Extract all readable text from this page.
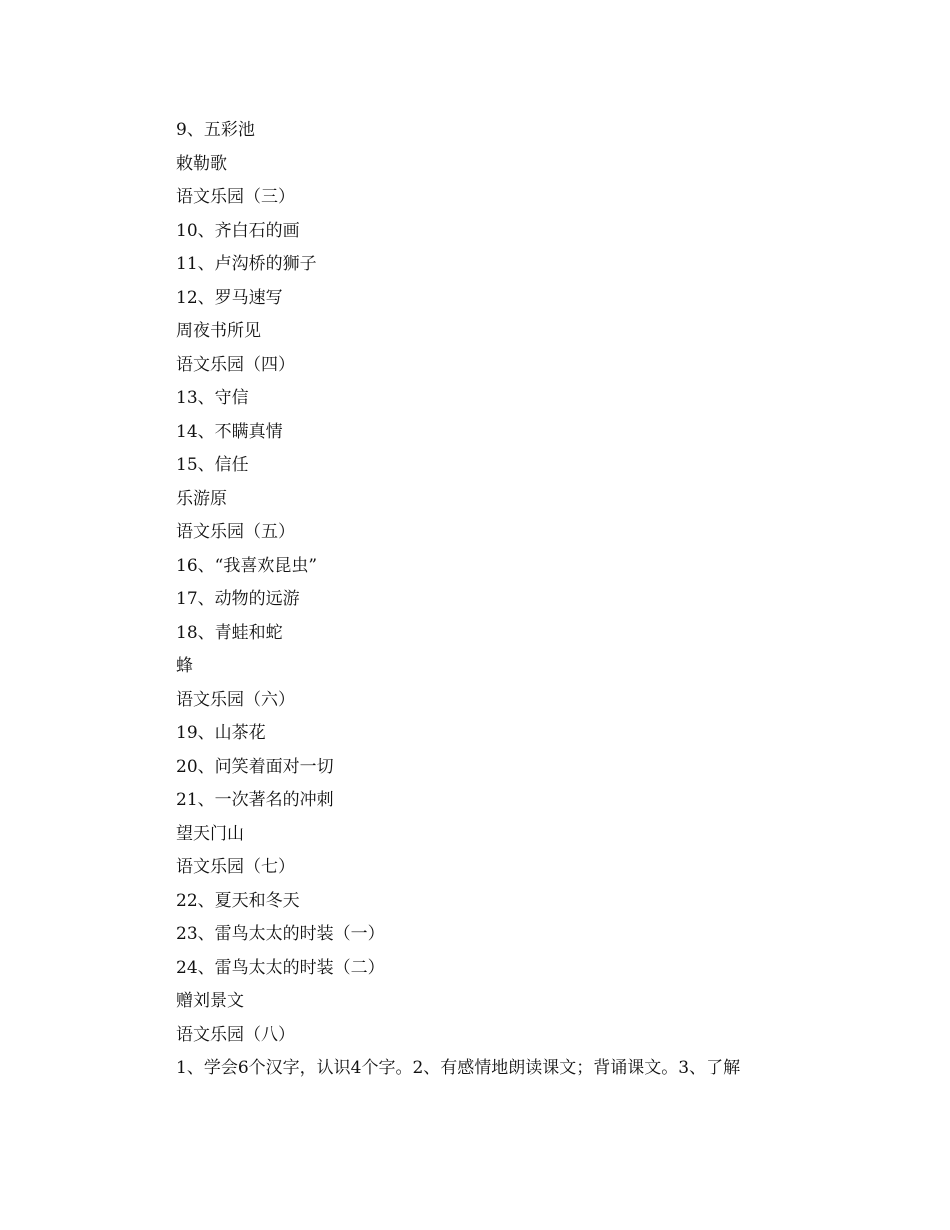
9、五彩池
敕勒歌
语文乐园（三）
10、齐白石的画
11、卢沟桥的狮子
12、罗马速写
周夜书所见
语文乐园（四）
13、守信
14、不瞒真情
15、信任
乐游原
语文乐园（五）
16、“我喜欢昆虫”
17、动物的远游
18、青蛙和蛇
蜂
语文乐园（六）
19、山茶花
20、问笑着面对一切
21、一次著名的冲刺
望天门山
语文乐园（七）
22、夏天和冬天
23、雷鸟太太的时装（一）
24、雷鸟太太的时装（二）
赠刘景文
语文乐园（八）
1、学会6个汉字，认识4个字。2、有感情地朗读课文；背诵课文。3、了解
